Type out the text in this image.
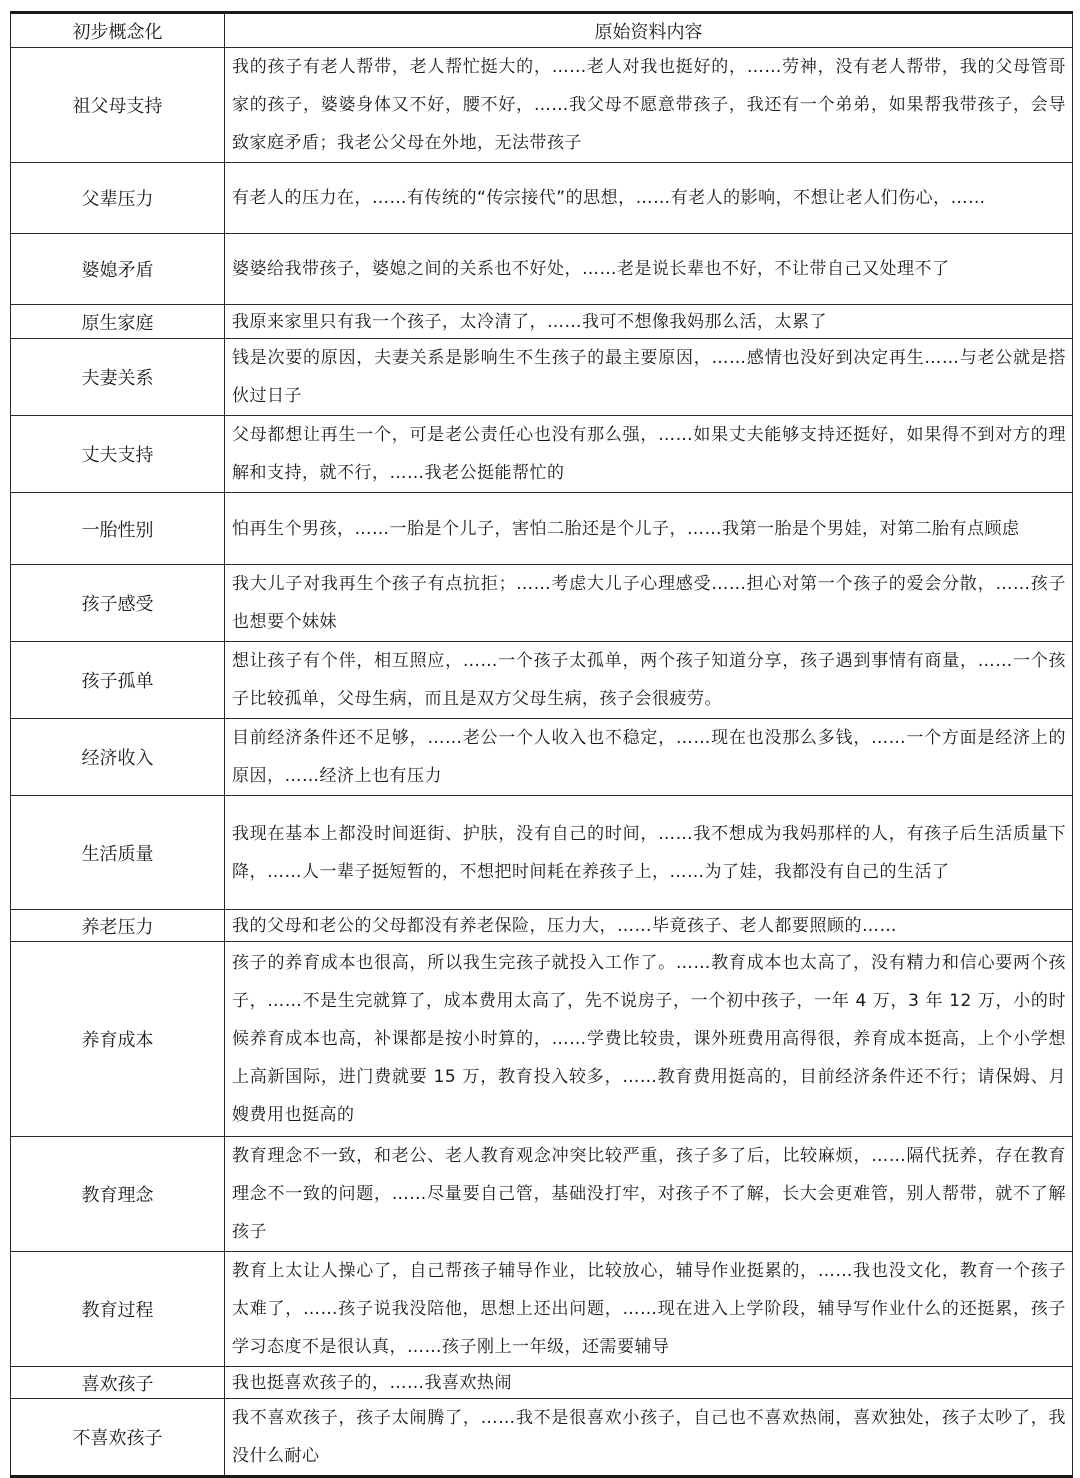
初步概念化	原始资料内容
祖父母支持	我的孩子有老人帮带，老人帮忙挺大的，……老人对我也挺好的，……劳神，没有老人帮带，我的父母管哥家的孩子，婆婆身体又不好，腰不好，……我父母不愿意带孩子，我还有一个弟弟，如果帮我带孩子，会导致家庭矛盾；我老公父母在外地，无法带孩子
父辈压力	有老人的压力在，……有传统的“传宗接代”的思想，……有老人的影响，不想让老人们伤心，……
婆媳矛盾	婆婆给我带孩子，婆媳之间的关系也不好处，……老是说长辈也不好，不让带自己又处理不了
原生家庭	我原来家里只有我一个孩子，太冷清了，……我可不想像我妈那么活，太累了
夫妻关系	钱是次要的原因，夫妻关系是影响生不生孩子的最主要原因，……感情也没好到决定再生……与老公就是搭伙过日子
丈夫支持	父母都想让再生一个，可是老公责任心也没有那么强，……如果丈夫能够支持还挺好，如果得不到对方的理解和支持，就不行，……我老公挺能帮忙的
一胎性别	怕再生个男孩，……一胎是个儿子，害怕二胎还是个儿子，……我第一胎是个男娃，对第二胎有点顾虑
孩子感受	我大儿子对我再生个孩子有点抗拒；……考虑大儿子心理感受……担心对第一个孩子的爱会分散，……孩子也想要个妹妹
孩子孤单	想让孩子有个伴，相互照应，……一个孩子太孤单，两个孩子知道分享，孩子遇到事情有商量，……一个孩子比较孤单，父母生病，而且是双方父母生病，孩子会很疲劳。
经济收入	目前经济条件还不足够，……老公一个人收入也不稳定，……现在也没那么多钱，……一个方面是经济上的原因，……经济上也有压力
生活质量	我现在基本上都没时间逛街、护肤，没有自己的时间，……我不想成为我妈那样的人，有孩子后生活质量下降，……人一辈子挺短暂的，不想把时间耗在养孩子上，……为了娃，我都没有自己的生活了
养老压力	我的父母和老公的父母都没有养老保险，压力大，……毕竟孩子、老人都要照顾的……
养育成本	孩子的养育成本也很高，所以我生完孩子就投入工作了。……教育成本也太高了，没有精力和信心要两个孩子，……不是生完就算了，成本费用太高了，先不说房子，一个初中孩子，一年 4 万，3 年 12 万，小的时候养育成本也高，补课都是按小时算的，……学费比较贵，课外班费用高得很，养育成本挺高，上个小学想上高新国际，进门费就要 15 万，教育投入较多，……教育费用挺高的，目前经济条件还不行；请保姆、月嫂费用也挺高的
教育理念	教育理念不一致，和老公、老人教育观念冲突比较严重，孩子多了后，比较麻烦，……隔代抚养，存在教育理念不一致的问题，……尽量要自己管，基础没打牢，对孩子不了解，长大会更难管，别人帮带，就不了解孩子
教育过程	教育上太让人操心了，自己帮孩子辅导作业，比较放心，辅导作业挺累的，……我也没文化，教育一个孩子太难了，……孩子说我没陪他，思想上还出问题，……现在进入上学阶段，辅导写作业什么的还挺累，孩子学习态度不是很认真，……孩子刚上一年级，还需要辅导
喜欢孩子	我也挺喜欢孩子的，……我喜欢热闹
不喜欢孩子	我不喜欢孩子，孩子太闹腾了，……我不是很喜欢小孩子，自己也不喜欢热闹，喜欢独处，孩子太吵了，我没什么耐心
